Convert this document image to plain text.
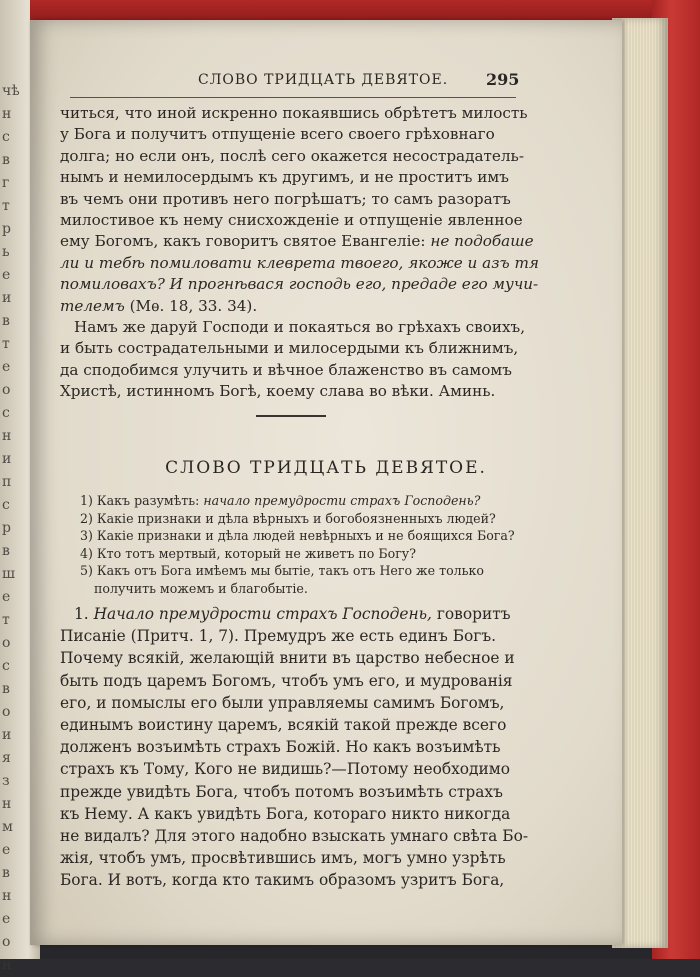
чѣ
н
с
в
г
т
р
ь
е
и
в
т
е
о
с
н
и
п
с
р
в
ш
е
т
о
с
в
о
и
я
з
н
м
е
в
н
е
о
н
СЛОВО ТРИДЦАТЬ ДЕВЯТОЕ. 295
читься, что иной искренно покаявшись обрѣтетъ милость
у Бога и получитъ отпущеніе всего своего грѣховнаго
долга; но если онъ, послѣ сего окажется несострадатель-
нымъ и немилосердымъ къ другимъ, и не проститъ имъ
въ чемъ они противъ него погрѣшатъ; то самъ разоратъ
милостивое къ нему снисхожденіе и отпущеніе явленное
ему Богомъ, какъ говоритъ святое Евангеліе: не подобаше
ли и тебѣ помиловати клеврета твоего, якоже и азъ тя
помиловахъ? И прогнѣвася господь его, предаде его мучи-
телемъ (Мѳ. 18, 33. 34).
Намъ же даруй Господи и покаяться во грѣхахъ своихъ,
и быть сострадательными и милосердыми къ ближнимъ,
да сподобимся улучить и вѣчное блаженство въ самомъ
Христѣ, истинномъ Богѣ, коему слава во вѣки. Аминь.
СЛОВО ТРИДЦАТЬ ДЕВЯТОЕ.
1) Какъ разумѣть: начало премудрости страхъ Господень?
2) Какіе признаки и дѣла вѣрныхъ и богобоязненныхъ людей?
3) Какіе признаки и дѣла людей невѣрныхъ и не боящихся Бога?
4) Кто тотъ мертвый, который не живетъ по Богу?
5) Какъ отъ Бога имѣемъ мы бытіе, такъ отъ Него же только
получить можемъ и благобытіе.
1. Начало премудрости страхъ Господень, говоритъ
Писаніе (Притч. 1, 7). Премудръ же есть единъ Богъ.
Почему всякій, желающій внити въ царство небесное и
быть подъ царемъ Богомъ, чтобъ умъ его, и мудрованія
его, и помыслы его были управляемы самимъ Богомъ,
единымъ воистину царемъ, всякій такой прежде всего
долженъ возъимѣть страхъ Божій. Но какъ возъимѣть
страхъ къ Тому, Кого не видишь?—Потому необходимо
прежде увидѣть Бога, чтобъ потомъ возъимѣть страхъ
къ Нему. А какъ увидѣть Бога, котораго никто никогда
не видалъ? Для этого надобно взыскать умнаго свѣта Бо-
жія, чтобъ умъ, просвѣтившись имъ, могъ умно узрѣть
Бога. И вотъ, когда кто такимъ образомъ узритъ Бога,
